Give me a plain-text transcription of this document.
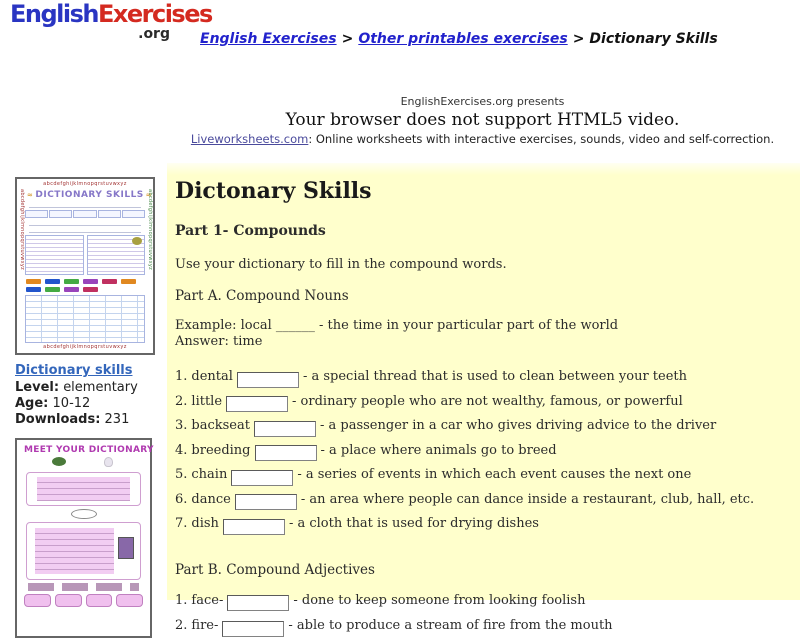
EnglishExercises
.org	English Exercises > Other printables exercises > Dictionary Skills
EnglishExercises.org presents
Your browser does not support HTML5 video.
Liveworksheets.com: Online worksheets with interactive exercises, sounds, video and self-correction.
abcdefghijklmnopqrstuvwxyz
abcdefghijklmnopqrstuvwxyz	abcdefghijklmnopqrstuvwxyz
≈ DICTIONARY SKILLS ≈
abcdefghijklmnopqrstuvwxyz
Dictionary skills
Level: elementary
Age: 10-12
Downloads: 231
MEET YOUR DICTIONARY
Dictonary Skills
Part 1- Compounds
Use your dictionary to fill in the compound words.
Part A. Compound Nouns
Example: local ______ - the time in your particular part of the world
Answer: time
1. dental	- a special thread that is used to clean between your teeth
2. little	- ordinary people who are not wealthy, famous, or powerful
3. backseat	- a passenger in a car who gives driving advice to the driver
4. breeding	- a place where animals go to breed
5. chain	- a series of events in which each event causes the next one
6. dance	- an area where people can dance inside a restaurant, club, hall, etc.
7. dish	- a cloth that is used for drying dishes
Part B. Compound Adjectives
1. face-	- done to keep someone from looking foolish
2. fire-	- able to produce a stream of fire from the mouth
